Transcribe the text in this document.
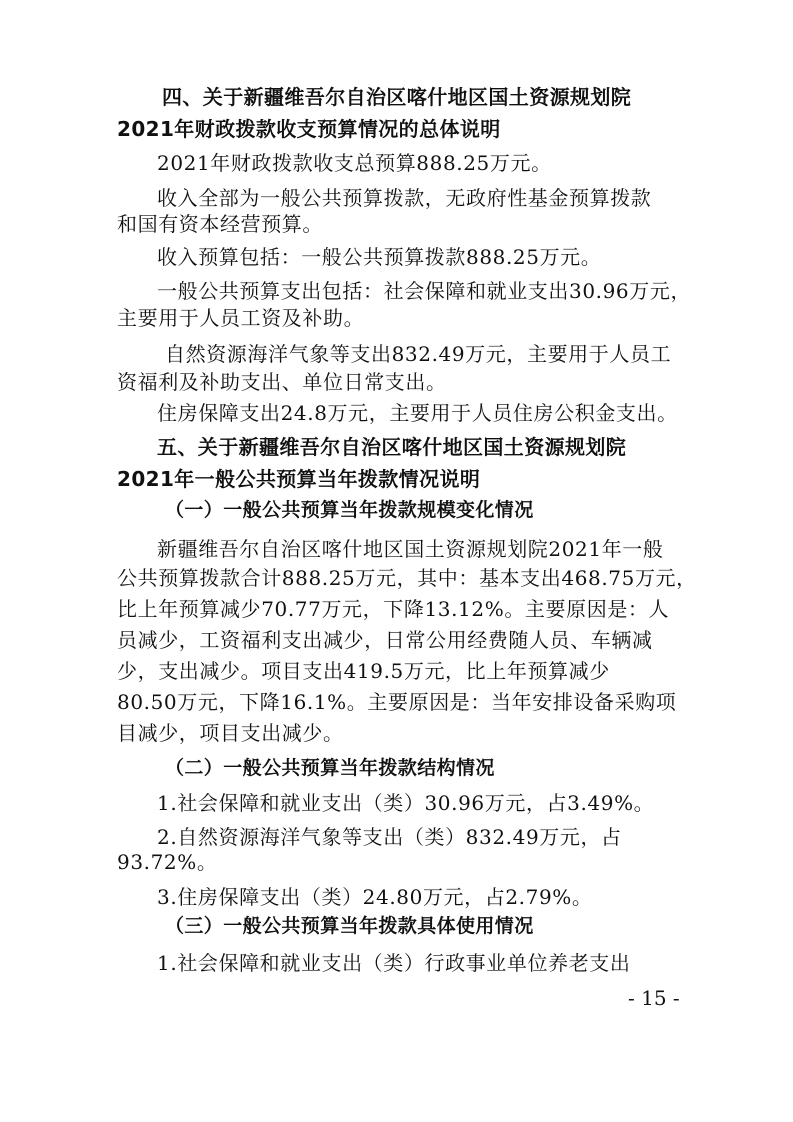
四、关于新疆维吾尔自治区喀什地区国土资源规划院
2021年财政拨款收支预算情况的总体说明
2021年财政拨款收支总预算888.25万元。
收入全部为一般公共预算拨款，无政府性基金预算拨款
和国有资本经营预算。
收入预算包括：一般公共预算拨款888.25万元。
一般公共预算支出包括：社会保障和就业支出30.96万元，
主要用于人员工资及补助。
自然资源海洋气象等支出832.49万元，主要用于人员工
资福利及补助支出、单位日常支出。
住房保障支出24.8万元，主要用于人员住房公积金支出。
五、关于新疆维吾尔自治区喀什地区国土资源规划院
2021年一般公共预算当年拨款情况说明
（一）一般公共预算当年拨款规模变化情况
新疆维吾尔自治区喀什地区国土资源规划院2021年一般
公共预算拨款合计888.25万元，其中：基本支出468.75万元，
比上年预算减少70.77万元，下降13.12%。主要原因是：人
员减少，工资福利支出减少，日常公用经费随人员、车辆减
少，支出减少。项目支出419.5万元，比上年预算减少
80.50万元，下降16.1%。主要原因是：当年安排设备采购项
目减少，项目支出减少。
（二）一般公共预算当年拨款结构情况
1.社会保障和就业支出（类）30.96万元，占3.49%。
2.自然资源海洋气象等支出（类）832.49万元，占
93.72%。
3.住房保障支出（类）24.80万元，占2.79%。
（三）一般公共预算当年拨款具体使用情况
1.社会保障和就业支出（类）行政事业单位养老支出
- 15 -
